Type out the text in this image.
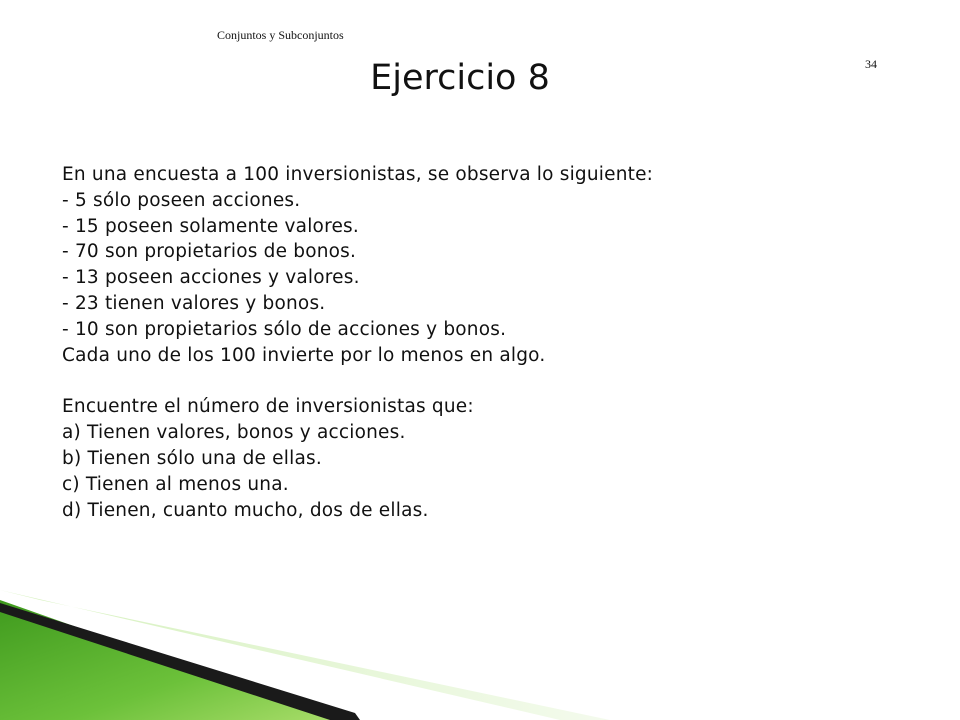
Conjuntos y Subconjuntos
34
Ejercicio 8
En una encuesta a 100 inversionistas, se observa lo siguiente:
- 5 sólo poseen acciones.
- 15 poseen solamente valores.
- 70 son propietarios de bonos.
- 13 poseen acciones y valores.
- 23 tienen valores y bonos.
- 10 son propietarios sólo de acciones y bonos.
Cada uno de los 100 invierte por lo menos en algo.
Encuentre el número de inversionistas que:
a) Tienen valores, bonos y acciones.
b) Tienen sólo una de ellas.
c) Tienen al menos una.
d) Tienen, cuanto mucho, dos de ellas.
